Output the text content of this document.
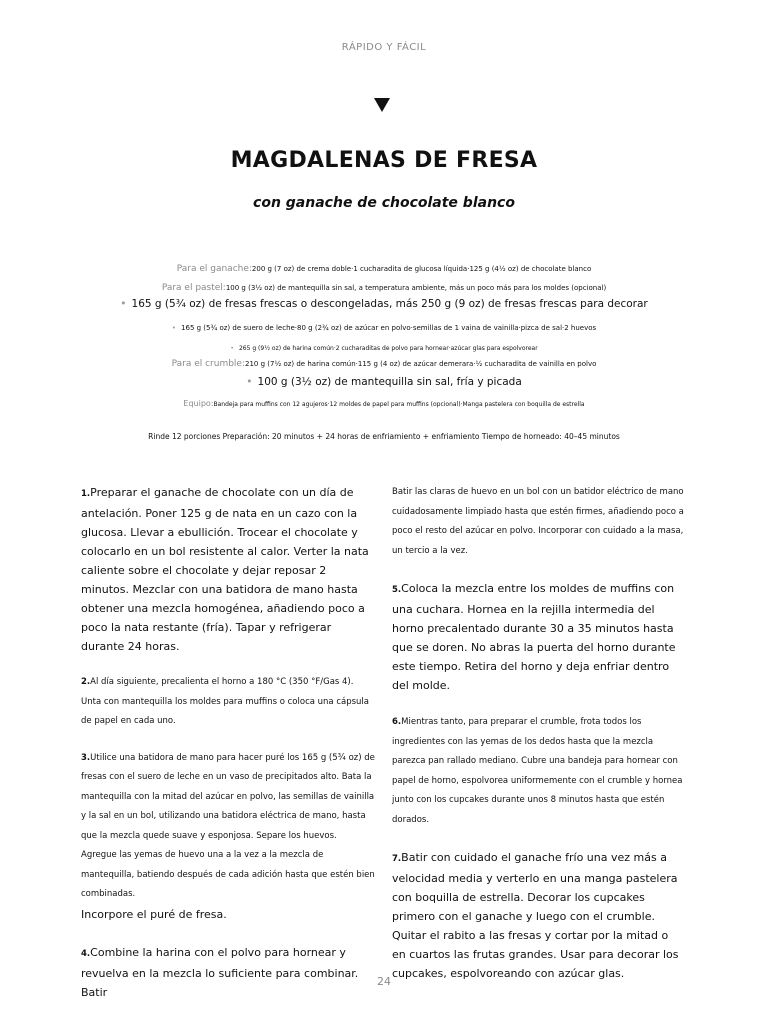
RÁPIDO Y FÁCIL
MAGDALENAS DE FRESA
con ganache de chocolate blanco
Para el ganache:200 g (7 oz) de crema doble·1 cucharadita de glucosa líquida·125 g (4½ oz) de chocolate blanco
Para el pastel:100 g (3½ oz) de mantequilla sin sal, a temperatura ambiente, más un poco más para los moldes (opcional)
• 165 g (5¾ oz) de fresas frescas o descongeladas, más 250 g (9 oz) de fresas frescas para decorar
• 165 g (5¾ oz) de suero de leche·80 g (2¾ oz) de azúcar en polvo·semillas de 1 vaina de vainilla·pizca de sal·2 huevos
• 265 g (9½ oz) de harina común·2 cucharaditas de polvo para hornear·azúcar glas para espolvorear
Para el crumble:210 g (7½ oz) de harina común·115 g (4 oz) de azúcar demerara·½ cucharadita de vainilla en polvo
• 100 g (3½ oz) de mantequilla sin sal, fría y picada
Equipo:Bandeja para muffins con 12 agujeros·12 moldes de papel para muffins (opcional)·Manga pastelera con boquilla de estrella
Rinde 12 porciones Preparación: 20 minutos + 24 horas de enfriamiento + enfriamiento Tiempo de horneado: 40–45 minutos

1.Preparar el ganache de chocolate con un día de antelación. Poner 125 g de nata en un cazo con la glucosa. Llevar a ebullición. Trocear el chocolate y colocarlo en un bol resistente al calor. Verter la nata caliente sobre el chocolate y dejar reposar 2 minutos. Mezclar con una batidora de mano hasta obtener una mezcla homogénea, añadiendo poco a poco la nata restante (fría). Tapar y refrigerar durante 24 horas.

2.Al día siguiente, precalienta el horno a 180 °C (350 °F/Gas 4). Unta con mantequilla los moldes para muffins o coloca una cápsula de papel en cada uno.

3.Utilice una batidora de mano para hacer puré los 165 g (5¾ oz) de fresas con el suero de leche en un vaso de precipitados alto. Bata la mantequilla con la mitad del azúcar en polvo, las semillas de vainilla y la sal en un bol, utilizando una batidora eléctrica de mano, hasta que la mezcla quede suave y esponjosa. Separe los huevos. Agregue las yemas de huevo una a la vez a la mezcla de mantequilla, batiendo después de cada adición hasta que estén bien combinadas.

Incorpore el puré de fresa.

4.Combine la harina con el polvo para hornear y revuelva en la mezcla lo suficiente para combinar. Batir

Batir las claras de huevo en un bol con un batidor eléctrico de mano cuidadosamente limpiado hasta que estén firmes, añadiendo poco a poco el resto del azúcar en polvo. Incorporar con cuidado a la masa, un tercio a la vez.

5.Coloca la mezcla entre los moldes de muffins con una cuchara. Hornea en la rejilla intermedia del horno precalentado durante 30 a 35 minutos hasta que se doren. No abras la puerta del horno durante este tiempo. Retira del horno y deja enfriar dentro del molde.

6.Mientras tanto, para preparar el crumble, frota todos los ingredientes con las yemas de los dedos hasta que la mezcla parezca pan rallado mediano. Cubre una bandeja para hornear con papel de horno, espolvorea uniformemente con el crumble y hornea junto con los cupcakes durante unos 8 minutos hasta que estén dorados.

7.Batir con cuidado el ganache frío una vez más a velocidad media y verterlo en una manga pastelera con boquilla de estrella. Decorar los cupcakes primero con el ganache y luego con el crumble. Quitar el rabito a las fresas y cortar por la mitad o en cuartos las frutas grandes. Usar para decorar los cupcakes, espolvoreando con azúcar glas.

24
